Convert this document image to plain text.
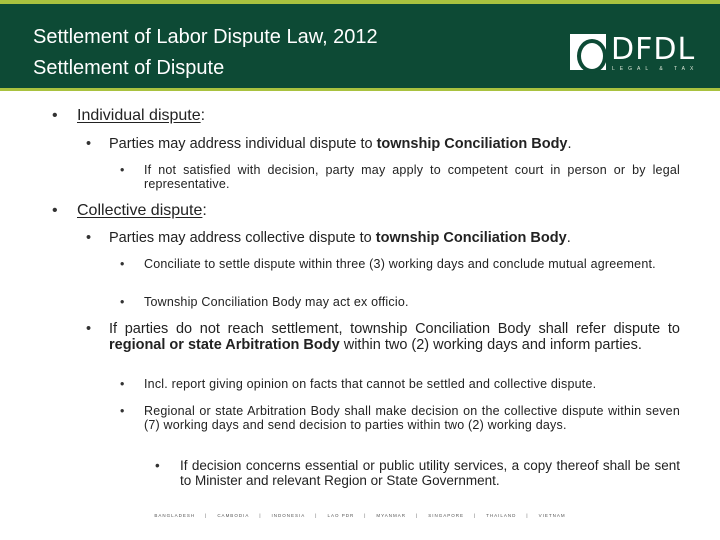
Settlement of Labor Dispute Law, 2012
Settlement of Dispute
DFDL
LEGAL & TAX
• Individual dispute:
• Parties may address individual dispute to township Conciliation Body.
• If not satisfied with decision, party may apply to competent court in person or by legal representative.
• Collective dispute:
• Parties may address collective dispute to township Conciliation Body.
• Conciliate to settle dispute within three (3) working days and conclude mutual agreement.
• Township Conciliation Body may act ex officio.
• If parties do not reach settlement, township Conciliation Body shall refer dispute to regional or state Arbitration Body within two (2) working days and inform parties.
• Incl. report giving opinion on facts that cannot be settled and collective dispute.
• Regional or state Arbitration Body shall make decision on the collective dispute within seven (7) working days and send decision to parties within two (2) working days.
• If decision concerns essential or public utility services, a copy thereof shall be sent to Minister and relevant Region or State Government.
BANGLADESH | CAMBODIA | INDONESIA | LAO PDR | MYANMAR | SINGAPORE | THAILAND | VIETNAM
